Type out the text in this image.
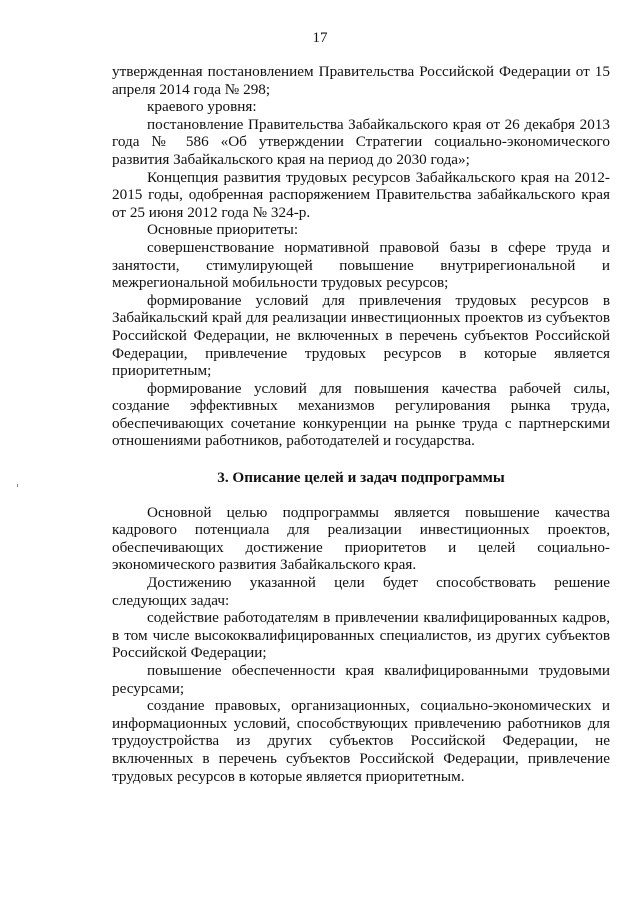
17

утвержденная постановлением Правительства Российской Федерации от 15 апреля 2014 года № 298;

краевого уровня:

постановление Правительства Забайкальского края от 26 декабря 2013 года № 586 «Об утверждении Стратегии социально-экономического развития Забайкальского края на период до 2030 года»;

Концепция развития трудовых ресурсов Забайкальского края на 2012-2015 годы, одобренная распоряжением Правительства забайкальского края от 25 июня 2012 года № 324-р.

Основные приоритеты:

совершенствование нормативной правовой базы в сфере труда и занятости, стимулирующей повышение внутрирегиональной и межрегиональной мобильности трудовых ресурсов;

формирование условий для привлечения трудовых ресурсов в Забайкальский край для реализации инвестиционных проектов из субъектов Российской Федерации, не включенных в перечень субъектов Российской Федерации, привлечение трудовых ресурсов в которые является приоритетным;

формирование условий для повышения качества рабочей силы, создание эффективных механизмов регулирования рынка труда, обеспечивающих сочетание конкуренции на рынке труда с партнерскими отношениями работников, работодателей и государства.

3. Описание целей и задач подпрограммы

Основной целью подпрограммы является повышение качества кадрового потенциала для реализации инвестиционных проектов, обеспечивающих достижение приоритетов и целей социально-экономического развития Забайкальского края.

Достижению указанной цели будет способствовать решение следующих задач:

содействие работодателям в привлечении квалифицированных кадров, в том числе высококвалифицированных специалистов, из других субъектов Российской Федерации;

повышение обеспеченности края квалифицированными трудовыми ресурсами;

создание правовых, организационных, социально-экономических и информационных условий, способствующих привлечению работников для трудоустройства из других субъектов Российской Федерации, не включенных в перечень субъектов Российской Федерации, привлечение трудовых ресурсов в которые является приоритетным.
